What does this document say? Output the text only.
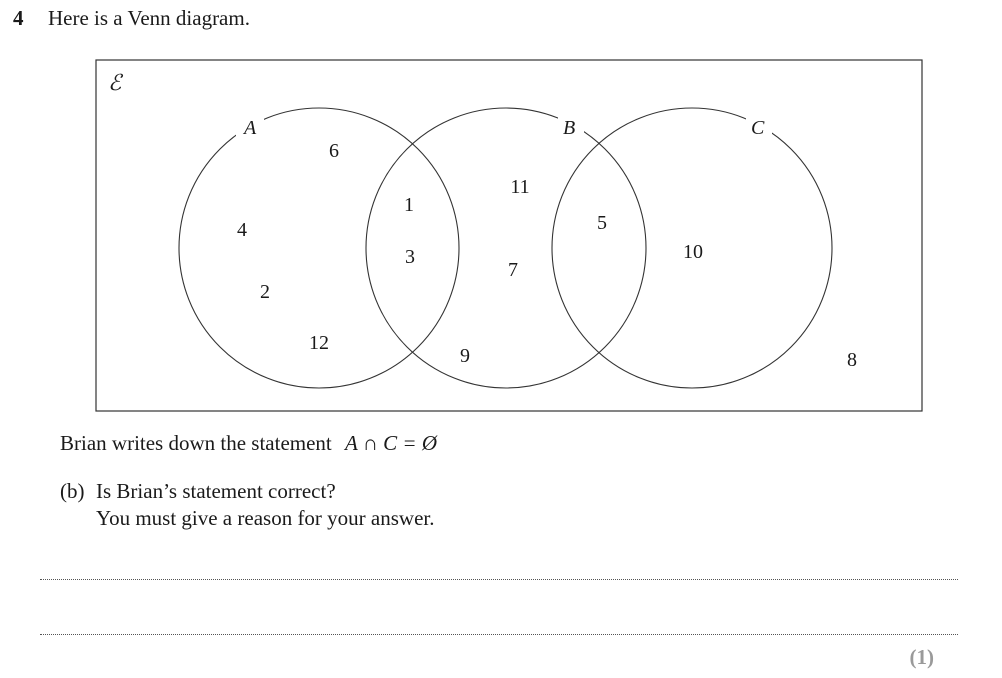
4 Here is a Venn diagram.
ℰ
A	B	C
6
4
2
12
1
3
11
7
9
5
10
8
Brian writes down the statement A ∩ C = Ø
(b) Is Brian’s statement correct?
You must give a reason for your answer.
(1)
